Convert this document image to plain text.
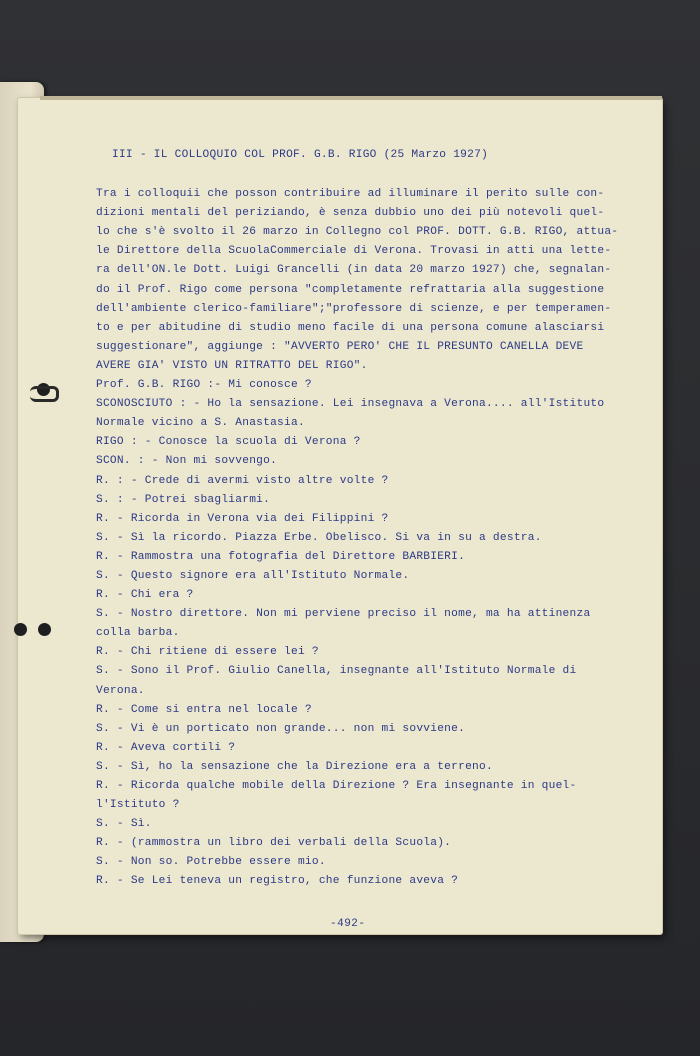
III - IL COLLOQUIO COL PROF. G.B. RIGO (25 Marzo 1927)
Tra i colloquii che posson contribuire ad illuminare il perito sulle con-
dizioni mentali del periziando, è senza dubbio uno dei più notevoli quel-
lo che s'è svolto il 26 marzo in Collegno col PROF. DOTT. G.B. RIGO, attua-
le Direttore della ScuolaCommerciale di Verona. Trovasi in atti una lette-
ra dell'ON.le Dott. Luigi Grancelli (in data 20 marzo 1927) che, segnalan-
do il Prof. Rigo come persona "completamente refrattaria alla suggestione
dell'ambiente clerico-familiare";"professore di scienze, e per temperamen-
to e per abitudine di studio meno facile di una persona comune alasciarsi
suggestionare", aggiunge : "AVVERTO PERO' CHE IL PRESUNTO CANELLA DEVE
AVERE GIA' VISTO UN RITRATTO DEL RIGO".
Prof. G.B. RIGO :- Mi conosce ?
SCONOSCIUTO : - Ho la sensazione. Lei insegnava a Verona.... all'Istituto
Normale vicino a S. Anastasia.
RIGO : - Conosce la scuola di Verona ?
SCON. : - Non mi sovvengo.
R. : - Crede di avermi visto altre volte ?
S. : - Potrei sbagliarmi.
R. - Ricorda in Verona via dei Filippini ?
S. - Sì la ricordo. Piazza Erbe. Obelisco. Si va in su a destra.
R. - Rammostra una fotografia del Direttore BARBIERI.
S. - Questo signore era all'Istituto Normale.
R. - Chi era ?
S. - Nostro direttore. Non mi perviene preciso il nome, ma ha attinenza
colla barba.
R. - Chi ritiene di essere lei ?
S. - Sono il Prof. Giulio Canella, insegnante all'Istituto Normale di
Verona.
R. - Come si entra nel locale ?
S. - Vi è un porticato non grande... non mi sovviene.
R. - Aveva cortili ?
S. - Sì, ho la sensazione che la Direzione era a terreno.
R. - Ricorda qualche mobile della Direzione ? Era insegnante in quel-
l'Istituto ?
S. - Sì.
R. - (rammostra un libro dei verbali della Scuola).
S. - Non so. Potrebbe essere mio.
R. - Se Lei teneva un registro, che funzione aveva ?
-492-
